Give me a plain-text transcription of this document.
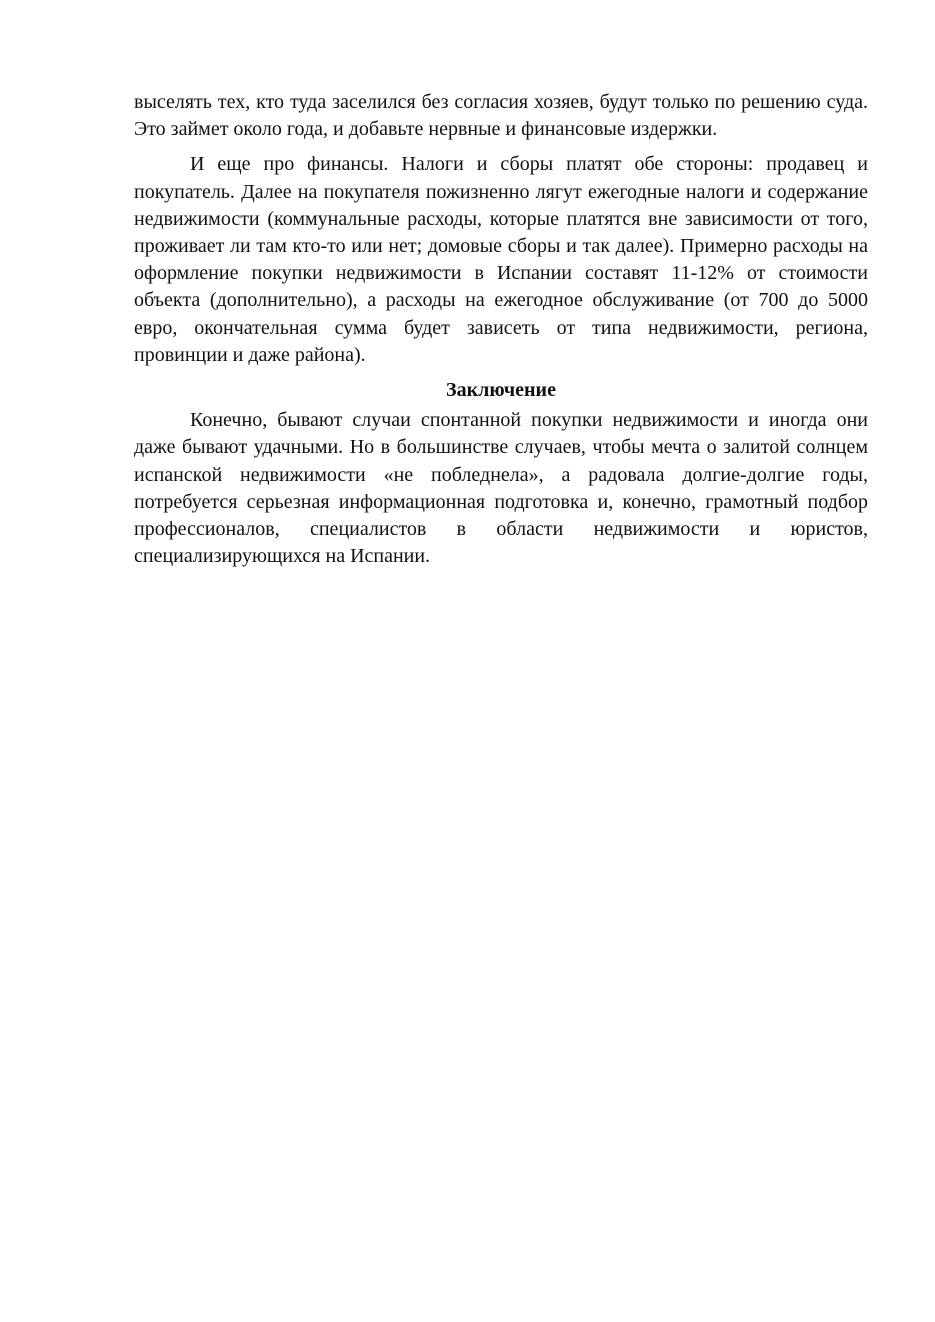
выселять тех, кто туда заселился без согласия хозяев, будут только по решению суда. Это займет около года, и добавьте нервные и финансовые издержки.

И еще про финансы. Налоги и сборы платят обе стороны: продавец и покупатель. Далее на покупателя пожизненно лягут ежегодные налоги и содержание недвижимости (коммунальные расходы, которые платятся вне зависимости от того, проживает ли там кто-то или нет; домовые сборы и так далее). Примерно расходы на оформление покупки недвижимости в Испании составят 11-12% от стоимости объекта (дополнительно), а расходы на ежегодное обслуживание (от 700 до 5000 евро, окончательная сумма будет зависеть от типа недвижимости, региона, провинции и даже района).

Заключение

Конечно, бывают случаи спонтанной покупки недвижимости и иногда они даже бывают удачными. Но в большинстве случаев, чтобы мечта о залитой солнцем испанской недвижимости «не побледнела», а радовала долгие-долгие годы, потребуется серьезная информационная подготовка и, конечно, грамотный подбор профессионалов, специалистов в области недвижимости и юристов, специализирующихся на Испании.
